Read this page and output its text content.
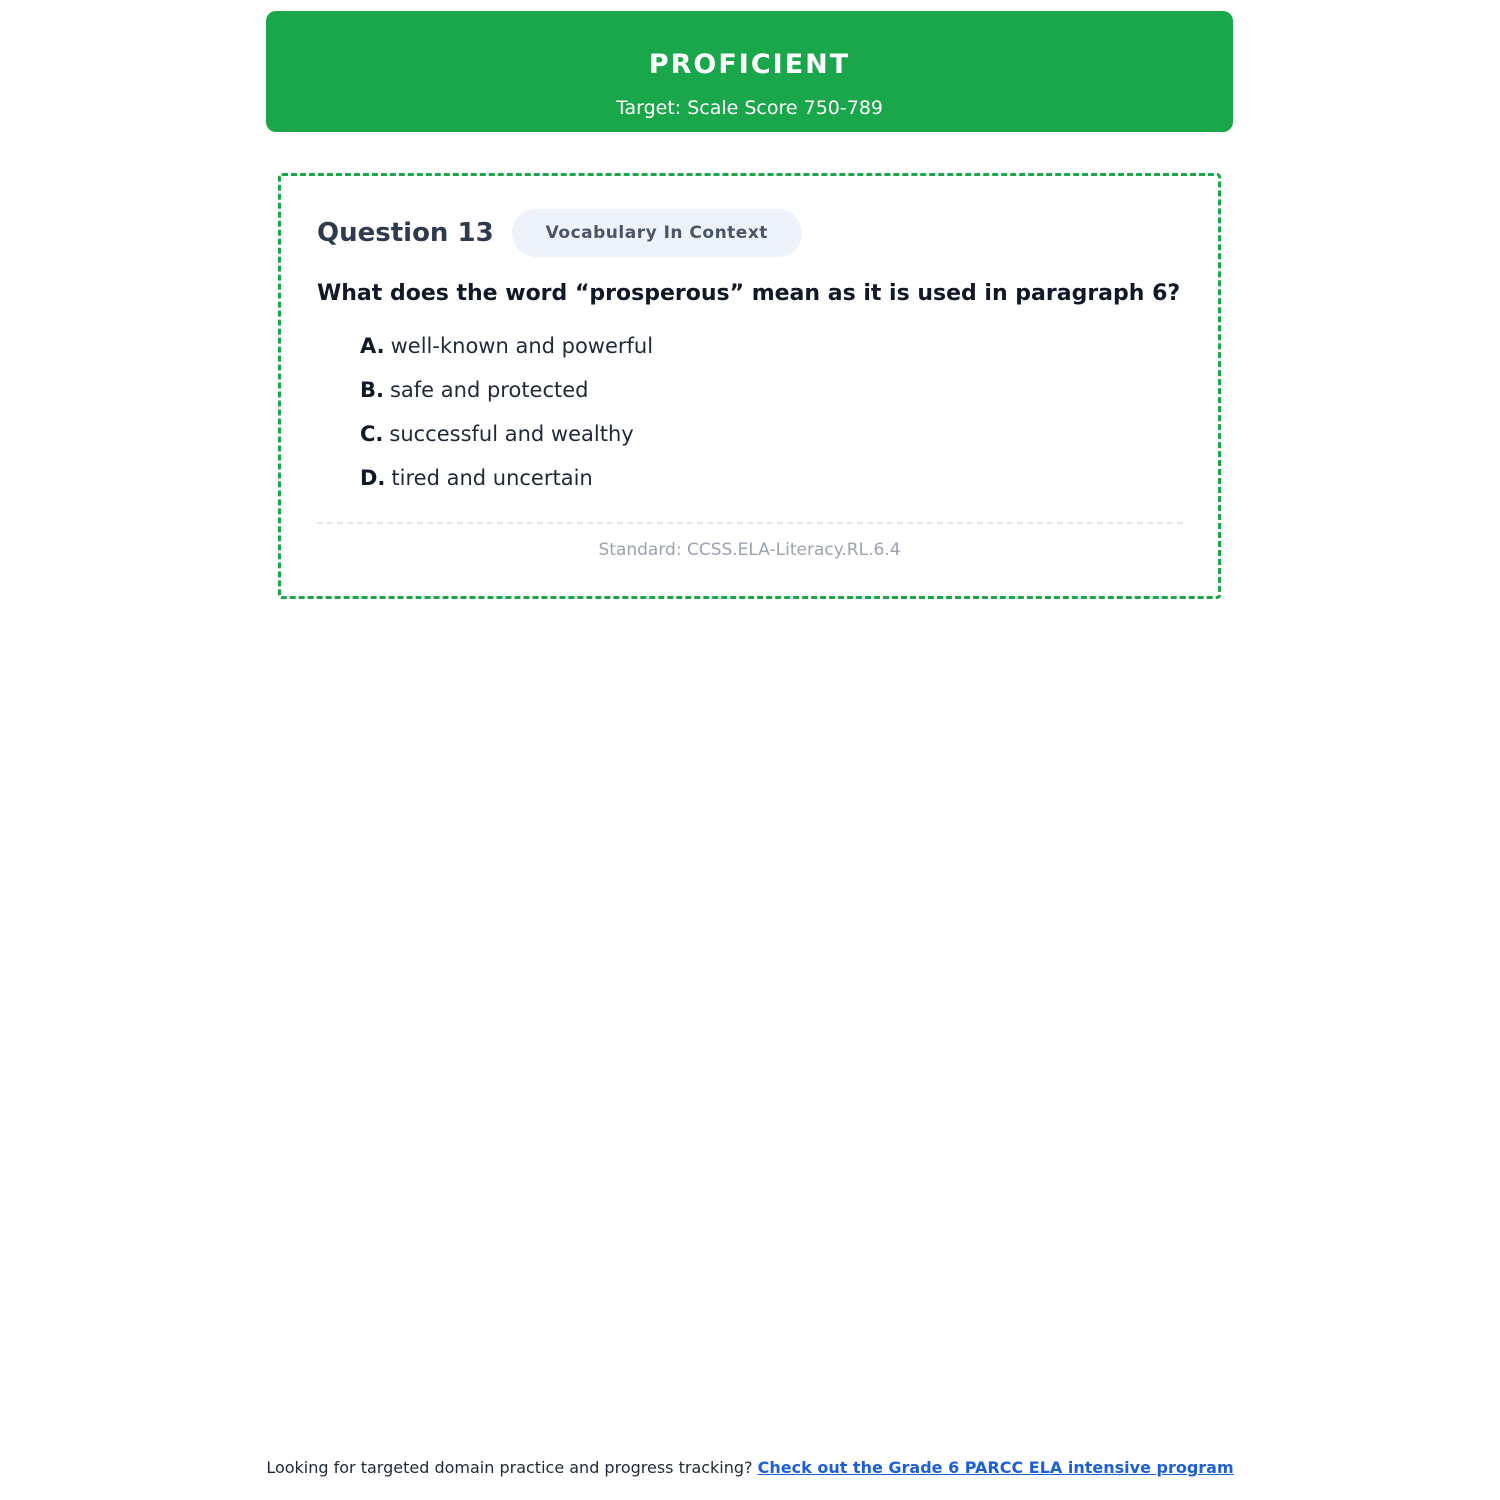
PROFICIENT
Target: Scale Score 750-789
Question 13	Vocabulary In Context
What does the word “prosperous” mean as it is used in paragraph 6?
A. well-known and powerful
B. safe and protected
C. successful and wealthy
D. tired and uncertain
Standard: CCSS.ELA-Literacy.RL.6.4
Looking for targeted domain practice and progress tracking? Check out the Grade 6 PARCC ELA intensive program
